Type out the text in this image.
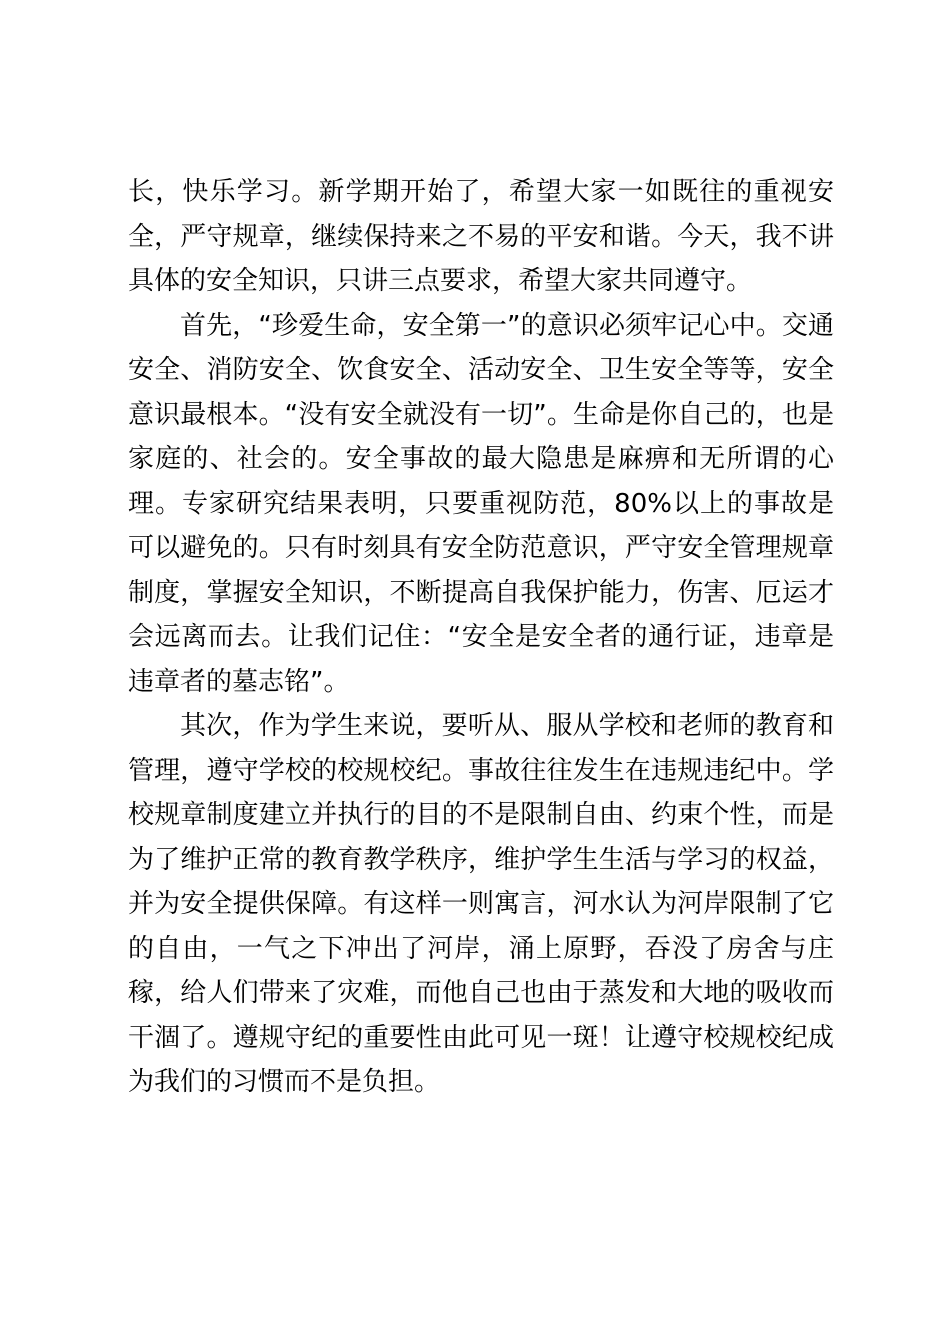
长，快乐学习。新学期开始了，希望大家一如既往的重视安全，严守规章，继续保持来之不易的平安和谐。今天，我不讲具体的安全知识，只讲三点要求，希望大家共同遵守。

首先，“珍爱生命，安全第一”的意识必须牢记心中。交通安全、消防安全、饮食安全、活动安全、卫生安全等等，安全意识最根本。“没有安全就没有一切”。生命是你自己的，也是家庭的、社会的。安全事故的最大隐患是麻痹和无所谓的心理。专家研究结果表明，只要重视防范，80%以上的事故是可以避免的。只有时刻具有安全防范意识，严守安全管理规章制度，掌握安全知识，不断提高自我保护能力，伤害、厄运才会远离而去。让我们记住：“安全是安全者的通行证，违章是违章者的墓志铭”。

其次，作为学生来说，要听从、服从学校和老师的教育和管理，遵守学校的校规校纪。事故往往发生在违规违纪中。学校规章制度建立并执行的目的不是限制自由、约束个性，而是为了维护正常的教育教学秩序，维护学生生活与学习的权益，并为安全提供保障。有这样一则寓言，河水认为河岸限制了它的自由，一气之下冲出了河岸，涌上原野，吞没了房舍与庄稼，给人们带来了灾难，而他自己也由于蒸发和大地的吸收而干涸了。遵规守纪的重要性由此可见一斑！让遵守校规校纪成为我们的习惯而不是负担。
